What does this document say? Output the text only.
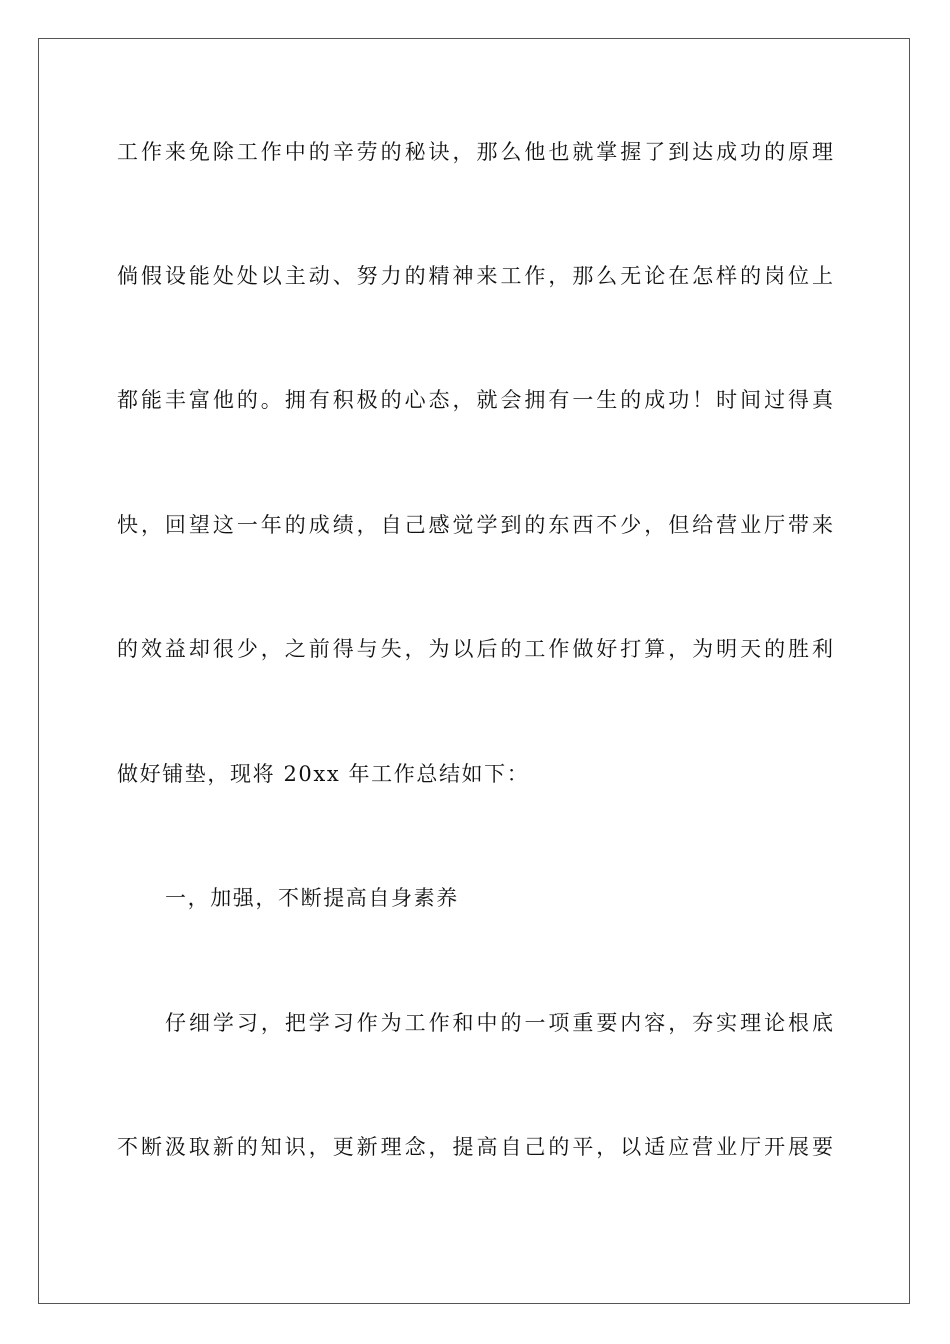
工作来免除工作中的辛劳的秘诀，那么他也就掌握了到达成功的原理
倘假设能处处以主动、努力的精神来工作，那么无论在怎样的岗位上
都能丰富他的。拥有积极的心态，就会拥有一生的成功！时间过得真
快，回望这一年的成绩，自己感觉学到的东西不少，但给营业厅带来
的效益却很少，之前得与失，为以后的工作做好打算，为明天的胜利
做好铺垫，现将 20xx 年工作总结如下：
一，加强，不断提高自身素养
仔细学习，把学习作为工作和中的一项重要内容，夯实理论根底
不断汲取新的知识，更新理念，提高自己的平，以适应营业厅开展要
